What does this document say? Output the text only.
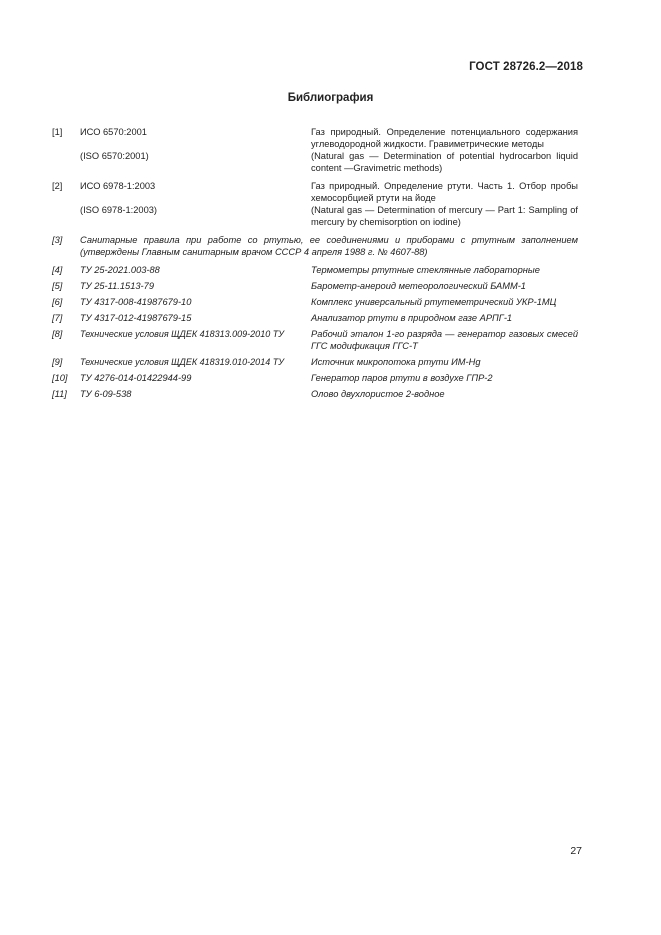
ГОСТ 28726.2—2018
Библиография
[1]	ИСО 6570:2001	Газ природный. Определение потенциального содержания углеводородной жидкости. Гравиметрические методы
(ISO 6570:2001)	(Natural gas — Determination of potential hydrocarbon liquid content —Gravimetric methods)
[2]	ИСО 6978-1:2003	Газ природный. Определение ртути. Часть 1. Отбор пробы хемосорбцией ртути на йоде
(ISO 6978-1:2003)	(Natural gas — Determination of mercury — Part 1: Sampling of mercury by chemisorption on iodine)
[3]	Санитарные правила при работе со ртутью, ее соединениями и приборами с ртутным заполнением (утверждены Главным санитарным врачом СССР 4 апреля 1988 г. № 4607-88)
[4]	ТУ 25-2021.003-88	Термометры ртутные стеклянные лабораторные
[5]	ТУ 25-11.1513-79	Барометр-анероид метеорологический БАММ-1
[6]	ТУ 4317-008-41987679-10	Комплекс универсальный ртутеметрический УКР-1МЦ
[7]	ТУ 4317-012-41987679-15	Анализатор ртути в природном газе АРПГ-1
[8]	Технические условия ЩДЕК 418313.009-2010 ТУ	Рабочий эталон 1-го разряда — генератор газовых смесей ГГС модификация ГГС-Т
[9]	Технические условия ЩДЕК 418319.010-2014 ТУ	Источник микропотока ртути ИМ-Hg
[10]	ТУ 4276-014-01422944-99	Генератор паров ртути в воздухе ГПР-2
[11]	ТУ 6-09-538	Олово двухлористое 2-водное
27
